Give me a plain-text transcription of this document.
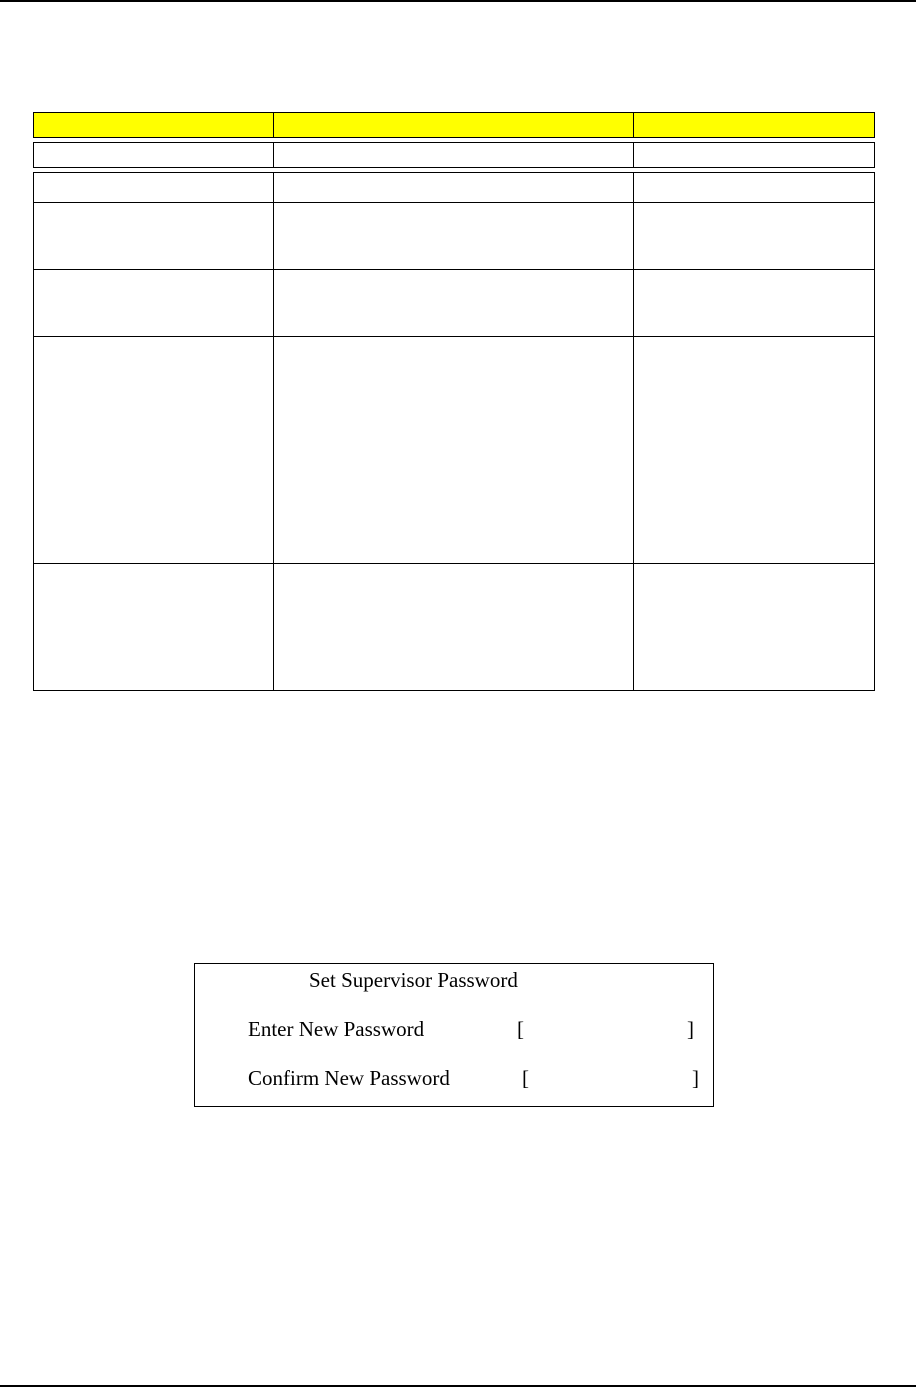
Set Supervisor Password
Enter New Password	[	]
Confirm New Password	[	]
